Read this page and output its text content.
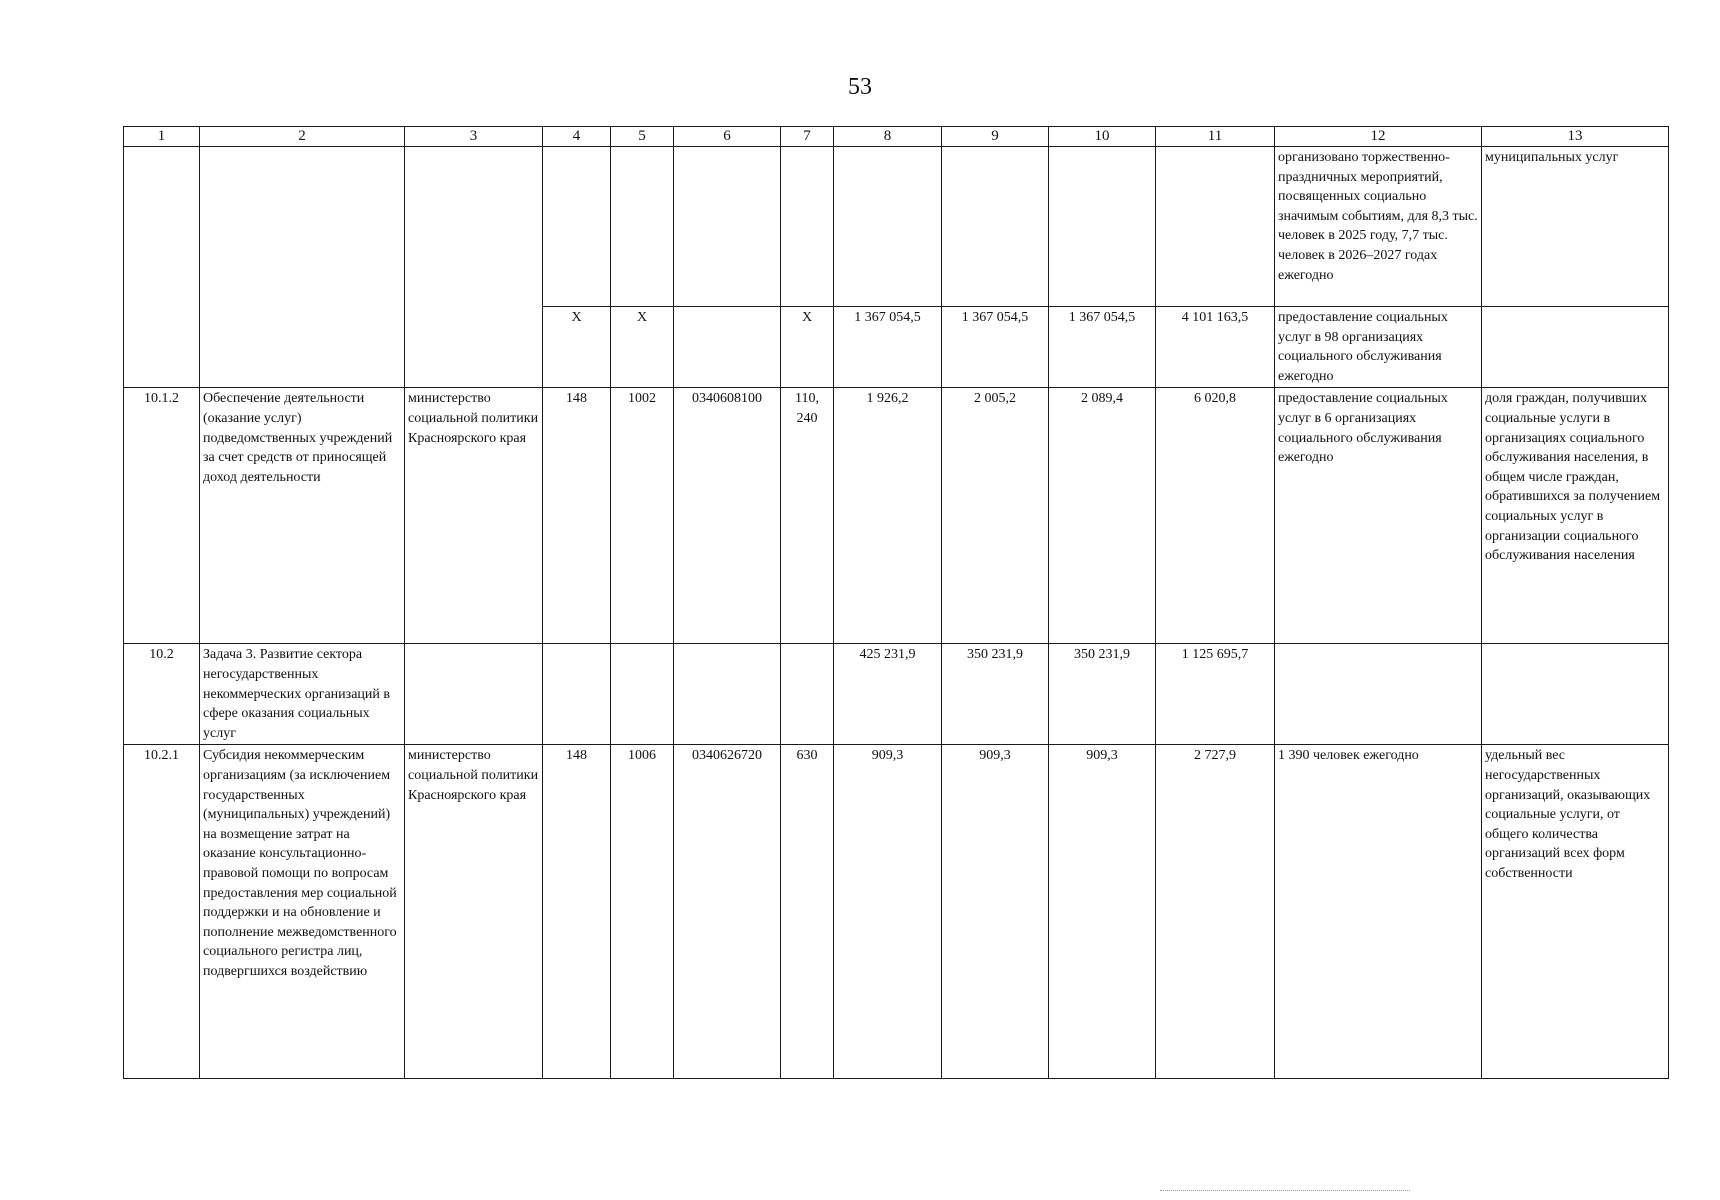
53
1	2	3	4	5	6	7	8	9	10	11	12	13
											организовано торжественно-праздничных мероприятий, посвященных социально значимым событиям, для 8,3 тыс. человек в 2025 году, 7,7 тыс. человек в 2026–2027 годах ежегодно	муниципальных услуг
			Х	Х		Х	1 367 054,5	1 367 054,5	1 367 054,5	4 101 163,5	предоставление социальных услуг в 98 организациях социального обслуживания ежегодно	
10.1.2	Обеспечение деятельности (оказание услуг) подведомственных учреждений за счет средств от приносящей доход деятельности	министерство социальной политики Красноярского края	148	1002	0340608100	110, 240	1 926,2	2 005,2	2 089,4	6 020,8	предоставление социальных услуг в 6 организациях социального обслуживания ежегодно	доля граждан, получивших социальные услуги в организациях социального обслуживания населения, в общем числе граждан, обратившихся за получением социальных услуг в организации социального обслуживания населения
10.2	Задача 3. Развитие сектора негосударственных некоммерческих организаций в сфере оказания социальных услуг						425 231,9	350 231,9	350 231,9	1 125 695,7		
10.2.1	Субсидия некоммерческим организациям (за исключением государственных (муниципальных) учреждений) на возмещение затрат на оказание консультационно-правовой помощи по вопросам предоставления мер социальной поддержки и на обновление и пополнение межведомственного социального регистра лиц, подвергшихся воздействию	министерство социальной политики Красноярского края	148	1006	0340626720	630	909,3	909,3	909,3	2 727,9	1 390 человек ежегодно	удельный вес негосударственных организаций, оказывающих социальные услуги, от общего количества организаций всех форм собственности
